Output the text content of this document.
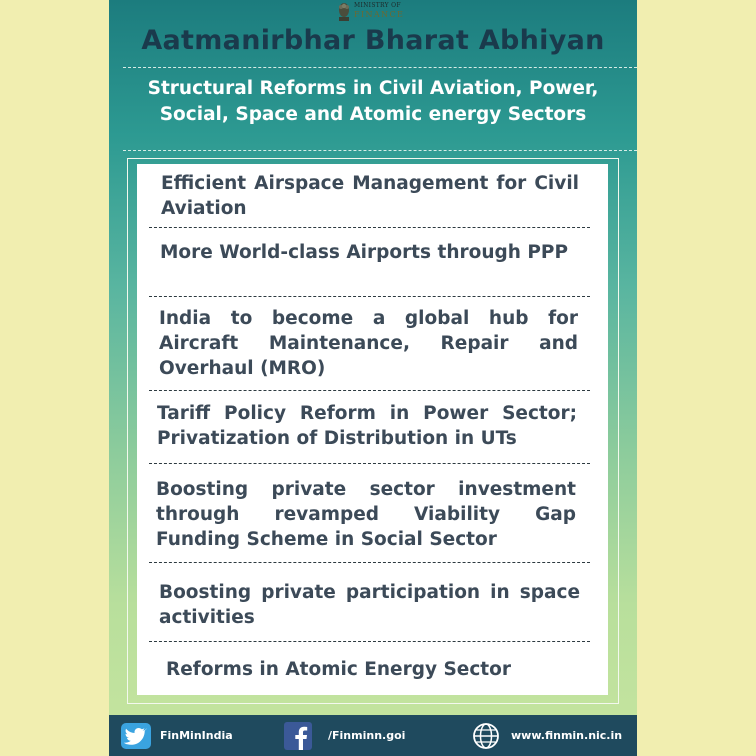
MINISTRY OF
FINANCE
Aatmanirbhar Bharat Abhiyan
Structural Reforms in Civil Aviation, Power,
Social, Space and Atomic energy Sectors
Efficient Airspace Management for Civil Aviation
More World-class Airports through PPP
India to become a global hub for Aircraft Maintenance, Repair and Overhaul (MRO)
Tariff Policy Reform in Power Sector; Privatization of Distribution in UTs
Boosting private sector investment through revamped Viability Gap Funding Scheme in Social Sector
Boosting private participation in space activities
Reforms in Atomic Energy Sector
FinMinIndia	/Finminn.goi	www.finmin.nic.in
